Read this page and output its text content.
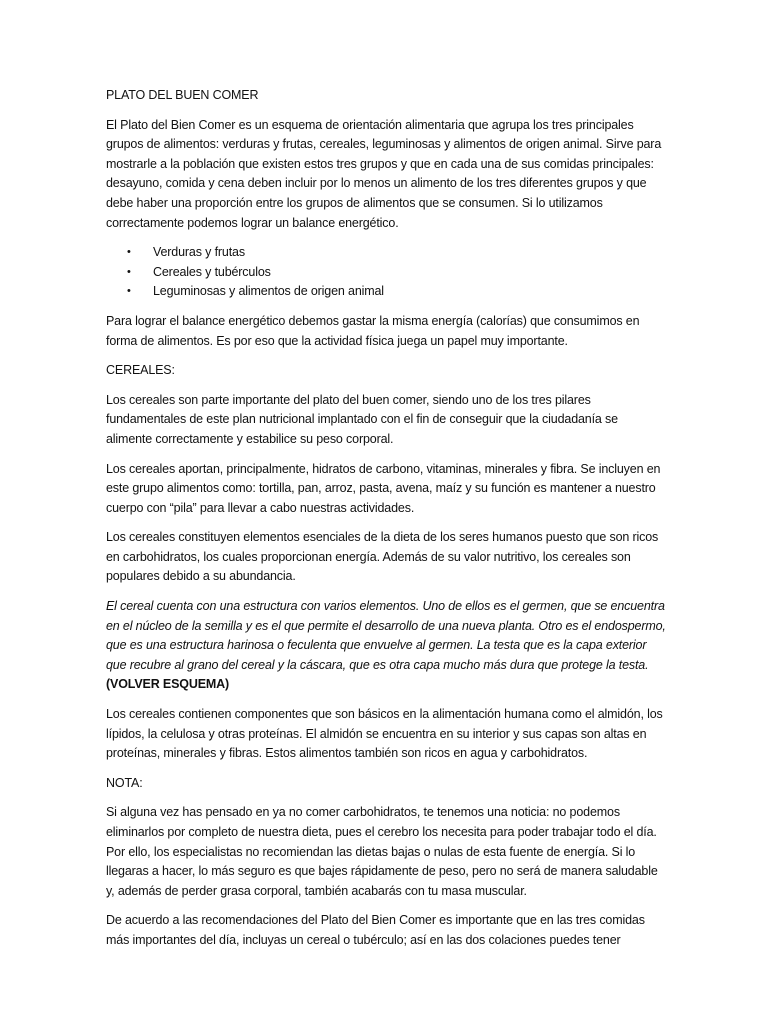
PLATO DEL BUEN COMER

El Plato del Bien Comer es un esquema de orientación alimentaria que agrupa los tres principales grupos de alimentos: verduras y frutas, cereales, leguminosas y alimentos de origen animal. Sirve para mostrarle a la población que existen estos tres grupos y que en cada una de sus comidas principales: desayuno, comida y cena deben incluir por lo menos un alimento de los tres diferentes grupos y que debe haber una proporción entre los grupos de alimentos que se consumen. Si lo utilizamos correctamente podemos lograr un balance energético.

• Verduras y frutas
• Cereales y tubérculos
• Leguminosas y alimentos de origen animal

Para lograr el balance energético debemos gastar la misma energía (calorías) que consumimos en forma de alimentos. Es por eso que la actividad física juega un papel muy importante.

CEREALES:

Los cereales son parte importante del plato del buen comer, siendo uno de los tres pilares fundamentales de este plan nutricional implantado con el fin de conseguir que la ciudadanía se alimente correctamente y estabilice su peso corporal.

Los cereales aportan, principalmente, hidratos de carbono, vitaminas, minerales y fibra. Se incluyen en este grupo alimentos como: tortilla, pan, arroz, pasta, avena, maíz y su función es mantener a nuestro cuerpo con “pila” para llevar a cabo nuestras actividades.

Los cereales constituyen elementos esenciales de la dieta de los seres humanos puesto que son ricos en carbohidratos, los cuales proporcionan energía. Además de su valor nutritivo, los cereales son populares debido a su abundancia.

El cereal cuenta con una estructura con varios elementos. Uno de ellos es el germen, que se encuentra en el núcleo de la semilla y es el que permite el desarrollo de una nueva planta. Otro es el endospermo, que es una estructura harinosa o feculenta que envuelve al germen. La testa que es la capa exterior que recubre al grano del cereal y la cáscara, que es otra capa mucho más dura que protege la testa. (VOLVER ESQUEMA)

Los cereales contienen componentes que son básicos en la alimentación humana como el almidón, los lípidos, la celulosa y otras proteínas. El almidón se encuentra en su interior y sus capas son altas en proteínas, minerales y fibras. Estos alimentos también son ricos en agua y carbohidratos.

NOTA:

Si alguna vez has pensado en ya no comer carbohidratos, te tenemos una noticia: no podemos eliminarlos por completo de nuestra dieta, pues el cerebro los necesita para poder trabajar todo el día. Por ello, los especialistas no recomiendan las dietas bajas o nulas de esta fuente de energía. Si lo llegaras a hacer, lo más seguro es que bajes rápidamente de peso, pero no será de manera saludable y, además de perder grasa corporal, también acabarás con tu masa muscular.

De acuerdo a las recomendaciones del Plato del Bien Comer es importante que en las tres comidas más importantes del día, incluyas un cereal o tubérculo; así en las dos colaciones puedes tener
